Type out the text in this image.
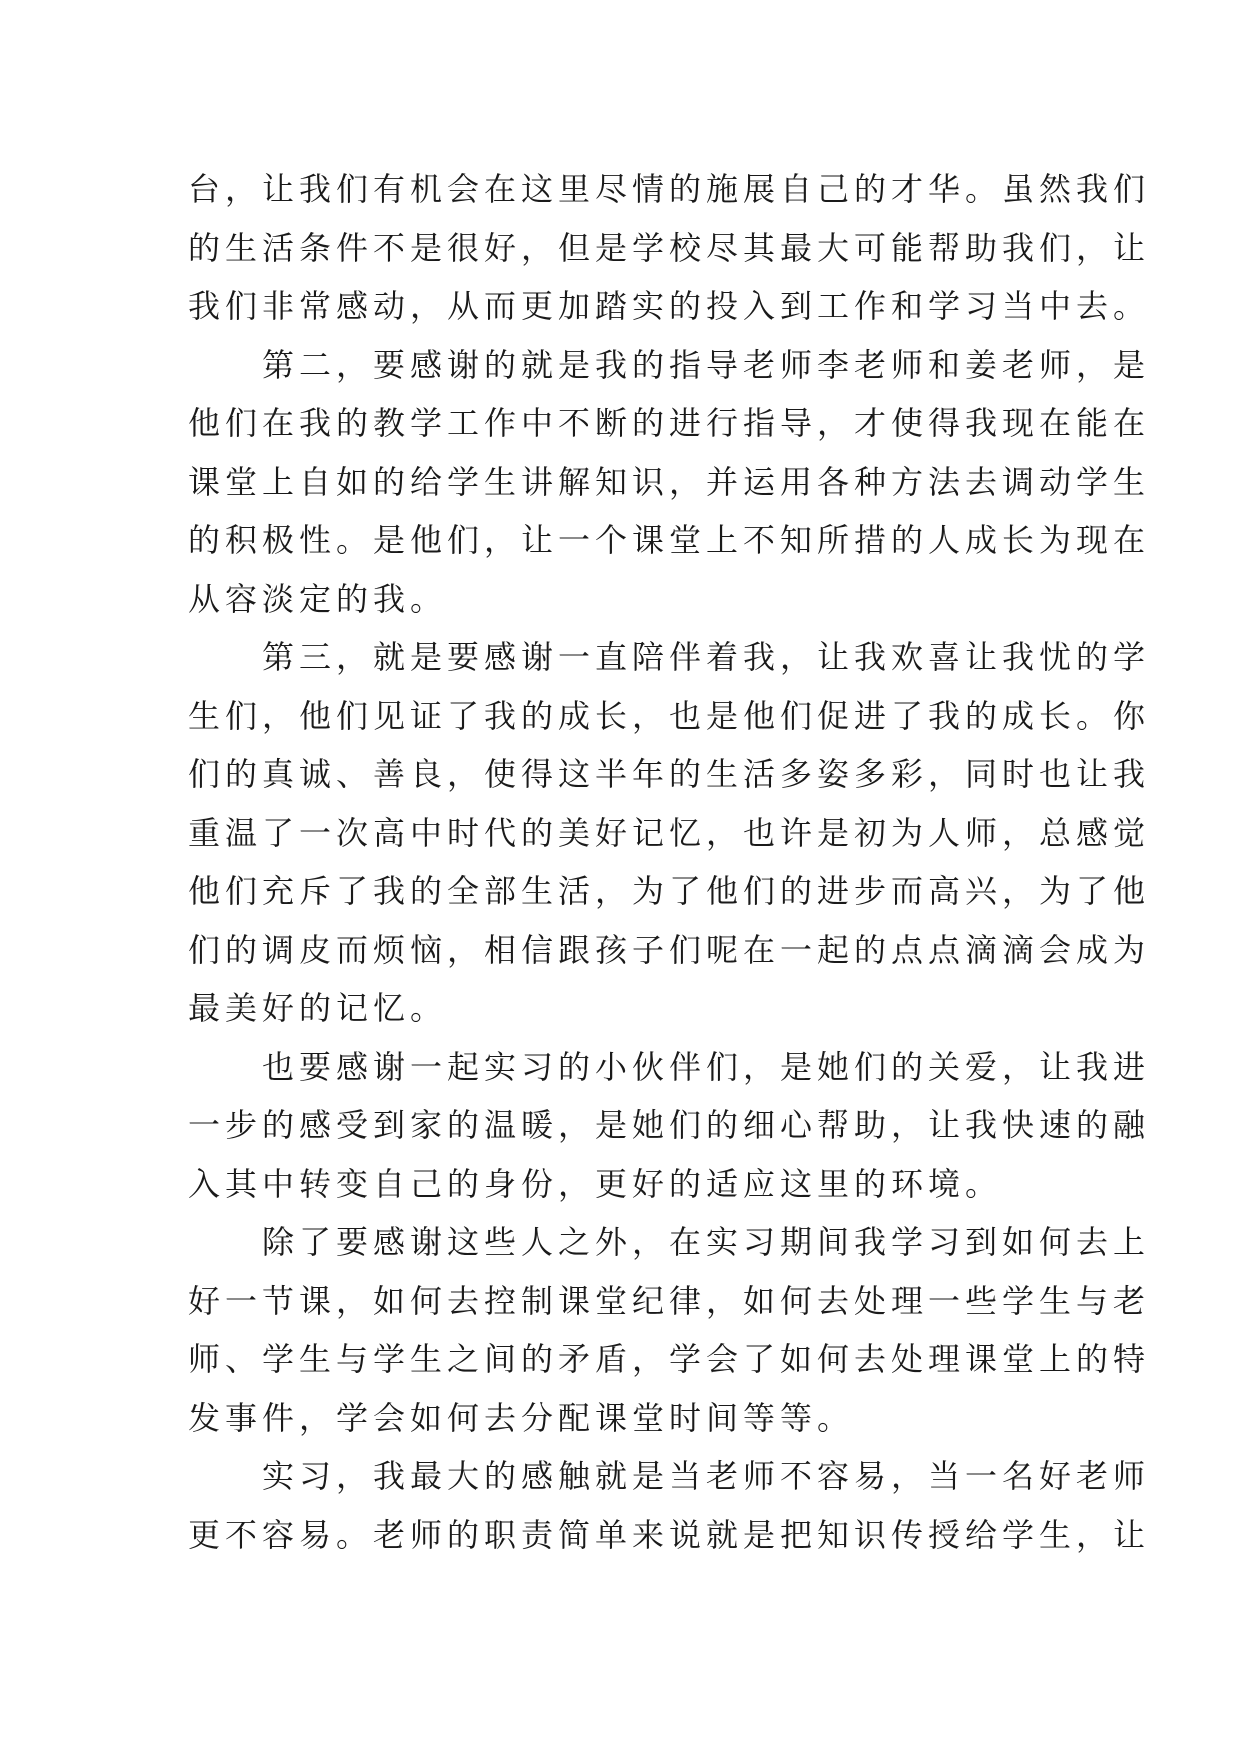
台，让我们有机会在这里尽情的施展自己的才华。虽然我们
的生活条件不是很好，但是学校尽其最大可能帮助我们，让
我们非常感动，从而更加踏实的投入到工作和学习当中去。
　　第二，要感谢的就是我的指导老师李老师和姜老师，是
他们在我的教学工作中不断的进行指导，才使得我现在能在
课堂上自如的给学生讲解知识，并运用各种方法去调动学生
的积极性。是他们，让一个课堂上不知所措的人成长为现在
从容淡定的我。
　　第三，就是要感谢一直陪伴着我，让我欢喜让我忧的学
生们，他们见证了我的成长，也是他们促进了我的成长。你
们的真诚、善良，使得这半年的生活多姿多彩，同时也让我
重温了一次高中时代的美好记忆，也许是初为人师，总感觉
他们充斥了我的全部生活，为了他们的进步而高兴，为了他
们的调皮而烦恼，相信跟孩子们呢在一起的点点滴滴会成为
最美好的记忆。
　　也要感谢一起实习的小伙伴们，是她们的关爱，让我进
一步的感受到家的温暖，是她们的细心帮助，让我快速的融
入其中转变自己的身份，更好的适应这里的环境。
　　除了要感谢这些人之外，在实习期间我学习到如何去上
好一节课，如何去控制课堂纪律，如何去处理一些学生与老
师、学生与学生之间的矛盾，学会了如何去处理课堂上的特
发事件，学会如何去分配课堂时间等等。
　　实习，我最大的感触就是当老师不容易，当一名好老师
更不容易。老师的职责简单来说就是把知识传授给学生，让
